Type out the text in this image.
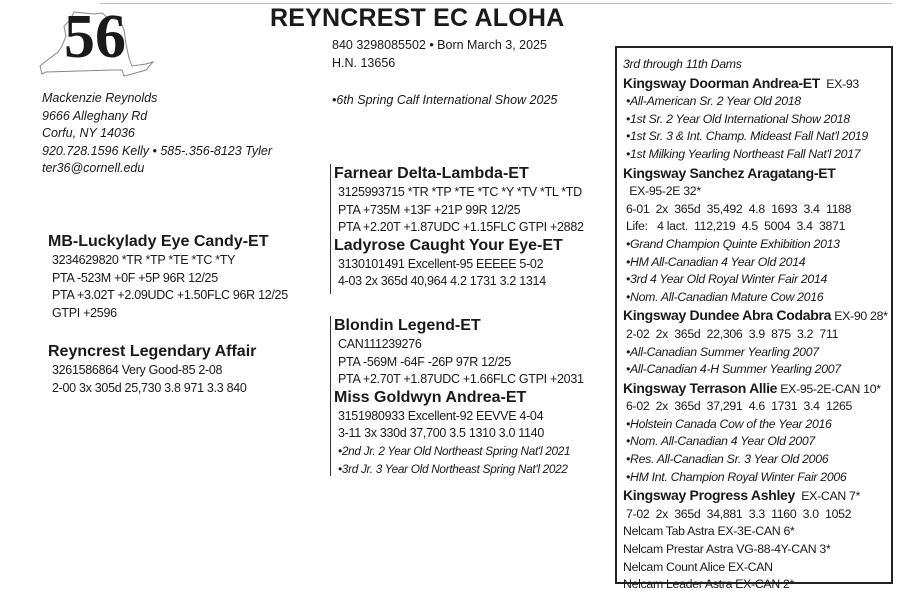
56	REYNCREST EC ALOHA
840 3298085502 • Born March 3, 2025
H.N. 13656
•6th Spring Calf International Show 2025
Mackenzie Reynolds
9666 Alleghany Rd
Corfu, NY 14036
920.728.1596 Kelly • 585-.356-8123 Tyler
ter36@cornell.edu
MB-Luckylady Eye Candy-ET
3234629820 *TR *TP *TE *TC *TY
PTA -523M +0F +5P 96R 12/25
PTA +3.02T +2.09UDC +1.50FLC 96R 12/25
GTPI +2596
Reyncrest Legendary Affair
3261586864 Very Good-85 2-08
2-00 3x 305d 25,730 3.8 971 3.3 840
Farnear Delta-Lambda-ET
3125993715 *TR *TP *TE *TC *Y *TV *TL *TD
PTA +735M +13F +21P 99R 12/25
PTA +2.20T +1.87UDC +1.15FLC GTPI +2882
Ladyrose Caught Your Eye-ET
3130101491 Excellent-95 EEEEE 5-02
4-03 2x 365d 40,964 4.2 1731 3.2 1314
Blondin Legend-ET
CAN111239276
PTA -569M -64F -26P 97R 12/25
PTA +2.70T +1.87UDC +1.66FLC GTPI +2031
Miss Goldwyn Andrea-ET
3151980933 Excellent-92 EEVVE 4-04
3-11 3x 330d 37,700 3.5 1310 3.0 1140
•2nd Jr. 2 Year Old Northeast Spring Nat'l 2021
•3rd Jr. 3 Year Old Northeast Spring Nat'l 2022
3rd through 11th Dams
Kingsway Doorman Andrea-ET  EX-93
•All-American Sr. 2 Year Old 2018
•1st Sr. 2 Year Old International Show 2018
•1st Sr. 3 & Int. Champ. Mideast Fall Nat'l 2019
•1st Milking Yearling Northeast Fall Nat'l 2017
Kingsway Sanchez Aragatang-ET  EX-95-2E 32*
6-01  2x  365d  35,492  4.8  1693  3.4  1188
Life:   4 lact.  112,219  4.5  5004  3.4  3871
•Grand Champion Quinte Exhibition 2013
•HM All-Canadian 4 Year Old 2014
•3rd 4 Year Old Royal Winter Fair 2014
•Nom. All-Canadian Mature Cow 2016
Kingsway Dundee Abra Codabra EX-90 28*
2-02  2x  365d  22,306  3.9  875  3.2  711
•All-Canadian Summer Yearling 2007
•All-Canadian 4-H Summer Yearling 2007
Kingsway Terrason Allie EX-95-2E-CAN 10*
6-02  2x  365d  37,291  4.6  1731  3.4  1265
•Holstein Canada Cow of the Year 2016
•Nom. All-Canadian 4 Year Old 2007
•Res. All-Canadian Sr. 3 Year Old 2006
•HM Int. Champion Royal Winter Fair 2006
Kingsway Progress Ashley  EX-CAN 7*
7-02  2x  365d  34,881  3.3  1160  3.0  1052
Nelcam Tab Astra EX-3E-CAN 6*
Nelcam Prestar Astra VG-88-4Y-CAN 3*
Nelcam Count Alice EX-CAN
Nelcam Leader Astra EX-CAN 2*
